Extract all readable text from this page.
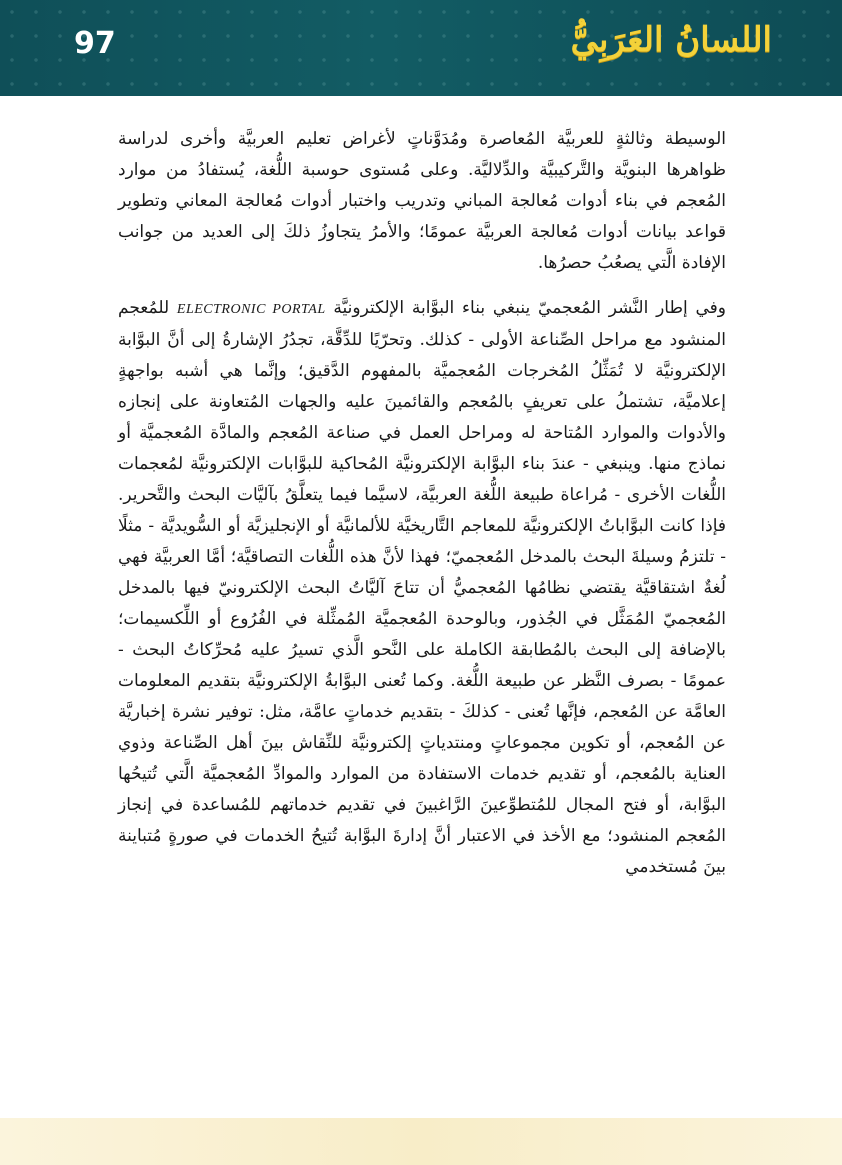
97	اللسانُ العَرَبِيُّ

الوسيطة وثالثةٍ للعربيَّة المُعاصرة ومُدَوَّناتٍ لأغراض تعليم العربيَّة وأخرى لدراسة ظواهرها البنويَّة والتَّركيبيَّة والدِّلاليَّة. وعلى مُستوى حوسبة اللُّغة، يُستفادُ من موارد المُعجم في بناء أدوات مُعالجة المباني وتدريب واختبار أدوات مُعالجة المعاني وتطوير قواعد بيانات أدوات مُعالجة العربيَّة عمومًا؛ والأمرُ يتجاوزُ ذلكَ إلى العديد من جوانب الإفادة الَّتي يصعُبُ حصرُها.

وفي إطار النَّشر المُعجميّ ينبغي بناء البوَّابة الإلكترونيَّة ELECTRONIC PORTAL للمُعجم المنشود مع مراحل الصِّناعة الأولى - كذلك. وتحرّيًا للدِّقَّة، تجدُرُ الإشارةُ إلى أنَّ البوَّابة الإلكترونيَّة لا تُمَثِّلُ المُخرجات المُعجميَّة بالمفهوم الدَّقيق؛ وإنَّما هي أشبه بواجهةٍ إعلاميَّة، تشتملُ على تعريفٍ بالمُعجم والقائمينَ عليه والجهات المُتعاونة على إنجازه والأدوات والموارد المُتاحة له ومراحل العمل في صناعة المُعجم والمادَّة المُعجميَّة أو نماذج منها. وينبغي - عندَ بناء البوَّابة الإلكترونيَّة المُحاكية للبوَّابات الإلكترونيَّة لمُعجمات اللُّغات الأخرى - مُراعاة طبيعة اللُّغة العربيَّة، لاسيَّما فيما يتعلَّقُ بآليَّات البحث والتَّحرير. فإذا كانت البوَّاباتُ الإلكترونيَّة للمعاجم التَّاريخيَّة للألمانيَّة أو الإنجليزيَّة أو السُّويديَّة - مثلًا - تلتزمُ وسيلةَ البحث بالمدخل المُعجميّ؛ فهذا لأنَّ هذه اللُّغات التصاقيَّة؛ أمَّا العربيَّة فهي لُغةٌ اشتقاقيَّة يقتضي نظامُها المُعجميُّ أن تتاحَ آليَّاتُ البحث الإلكترونيّ فيها بالمدخل المُعجميّ المُمَثَّل في الجُذور، وبالوحدة المُعجميَّة المُمثِّلة في الفُرُوع أو اللِّكسيمات؛ بالإضافة إلى البحث بالمُطابقة الكاملة على النَّحو الَّذي تسيرُ عليه مُحرِّكاتُ البحث - عمومًا - بصرف النَّظر عن طبيعة اللُّغة. وكما تُعنى البوَّابةُ الإلكترونيَّة بتقديم المعلومات العامَّة عن المُعجم، فإنَّها تُعنى - كذلكَ - بتقديم خدماتٍ عامَّة، مثل: توفير نشرة إخباريَّة عن المُعجم، أو تكوين مجموعاتٍ ومنتدياتٍ إلكترونيَّة للنِّقاش بينَ أهل الصِّناعة وذوي العناية بالمُعجم، أو تقديم خدمات الاستفادة من الموارد والموادِّ المُعجميَّة الَّتي تُتيحُها البوَّابة، أو فتح المجال للمُتطوِّعينَ الرَّاغبينَ في تقديم خدماتهم للمُساعدة في إنجاز المُعجم المنشود؛ مع الأخذ في الاعتبار أنَّ إدارةَ البوَّابة تُتيحُ الخدمات في صورةٍ مُتباينة بينَ مُستخدمي
